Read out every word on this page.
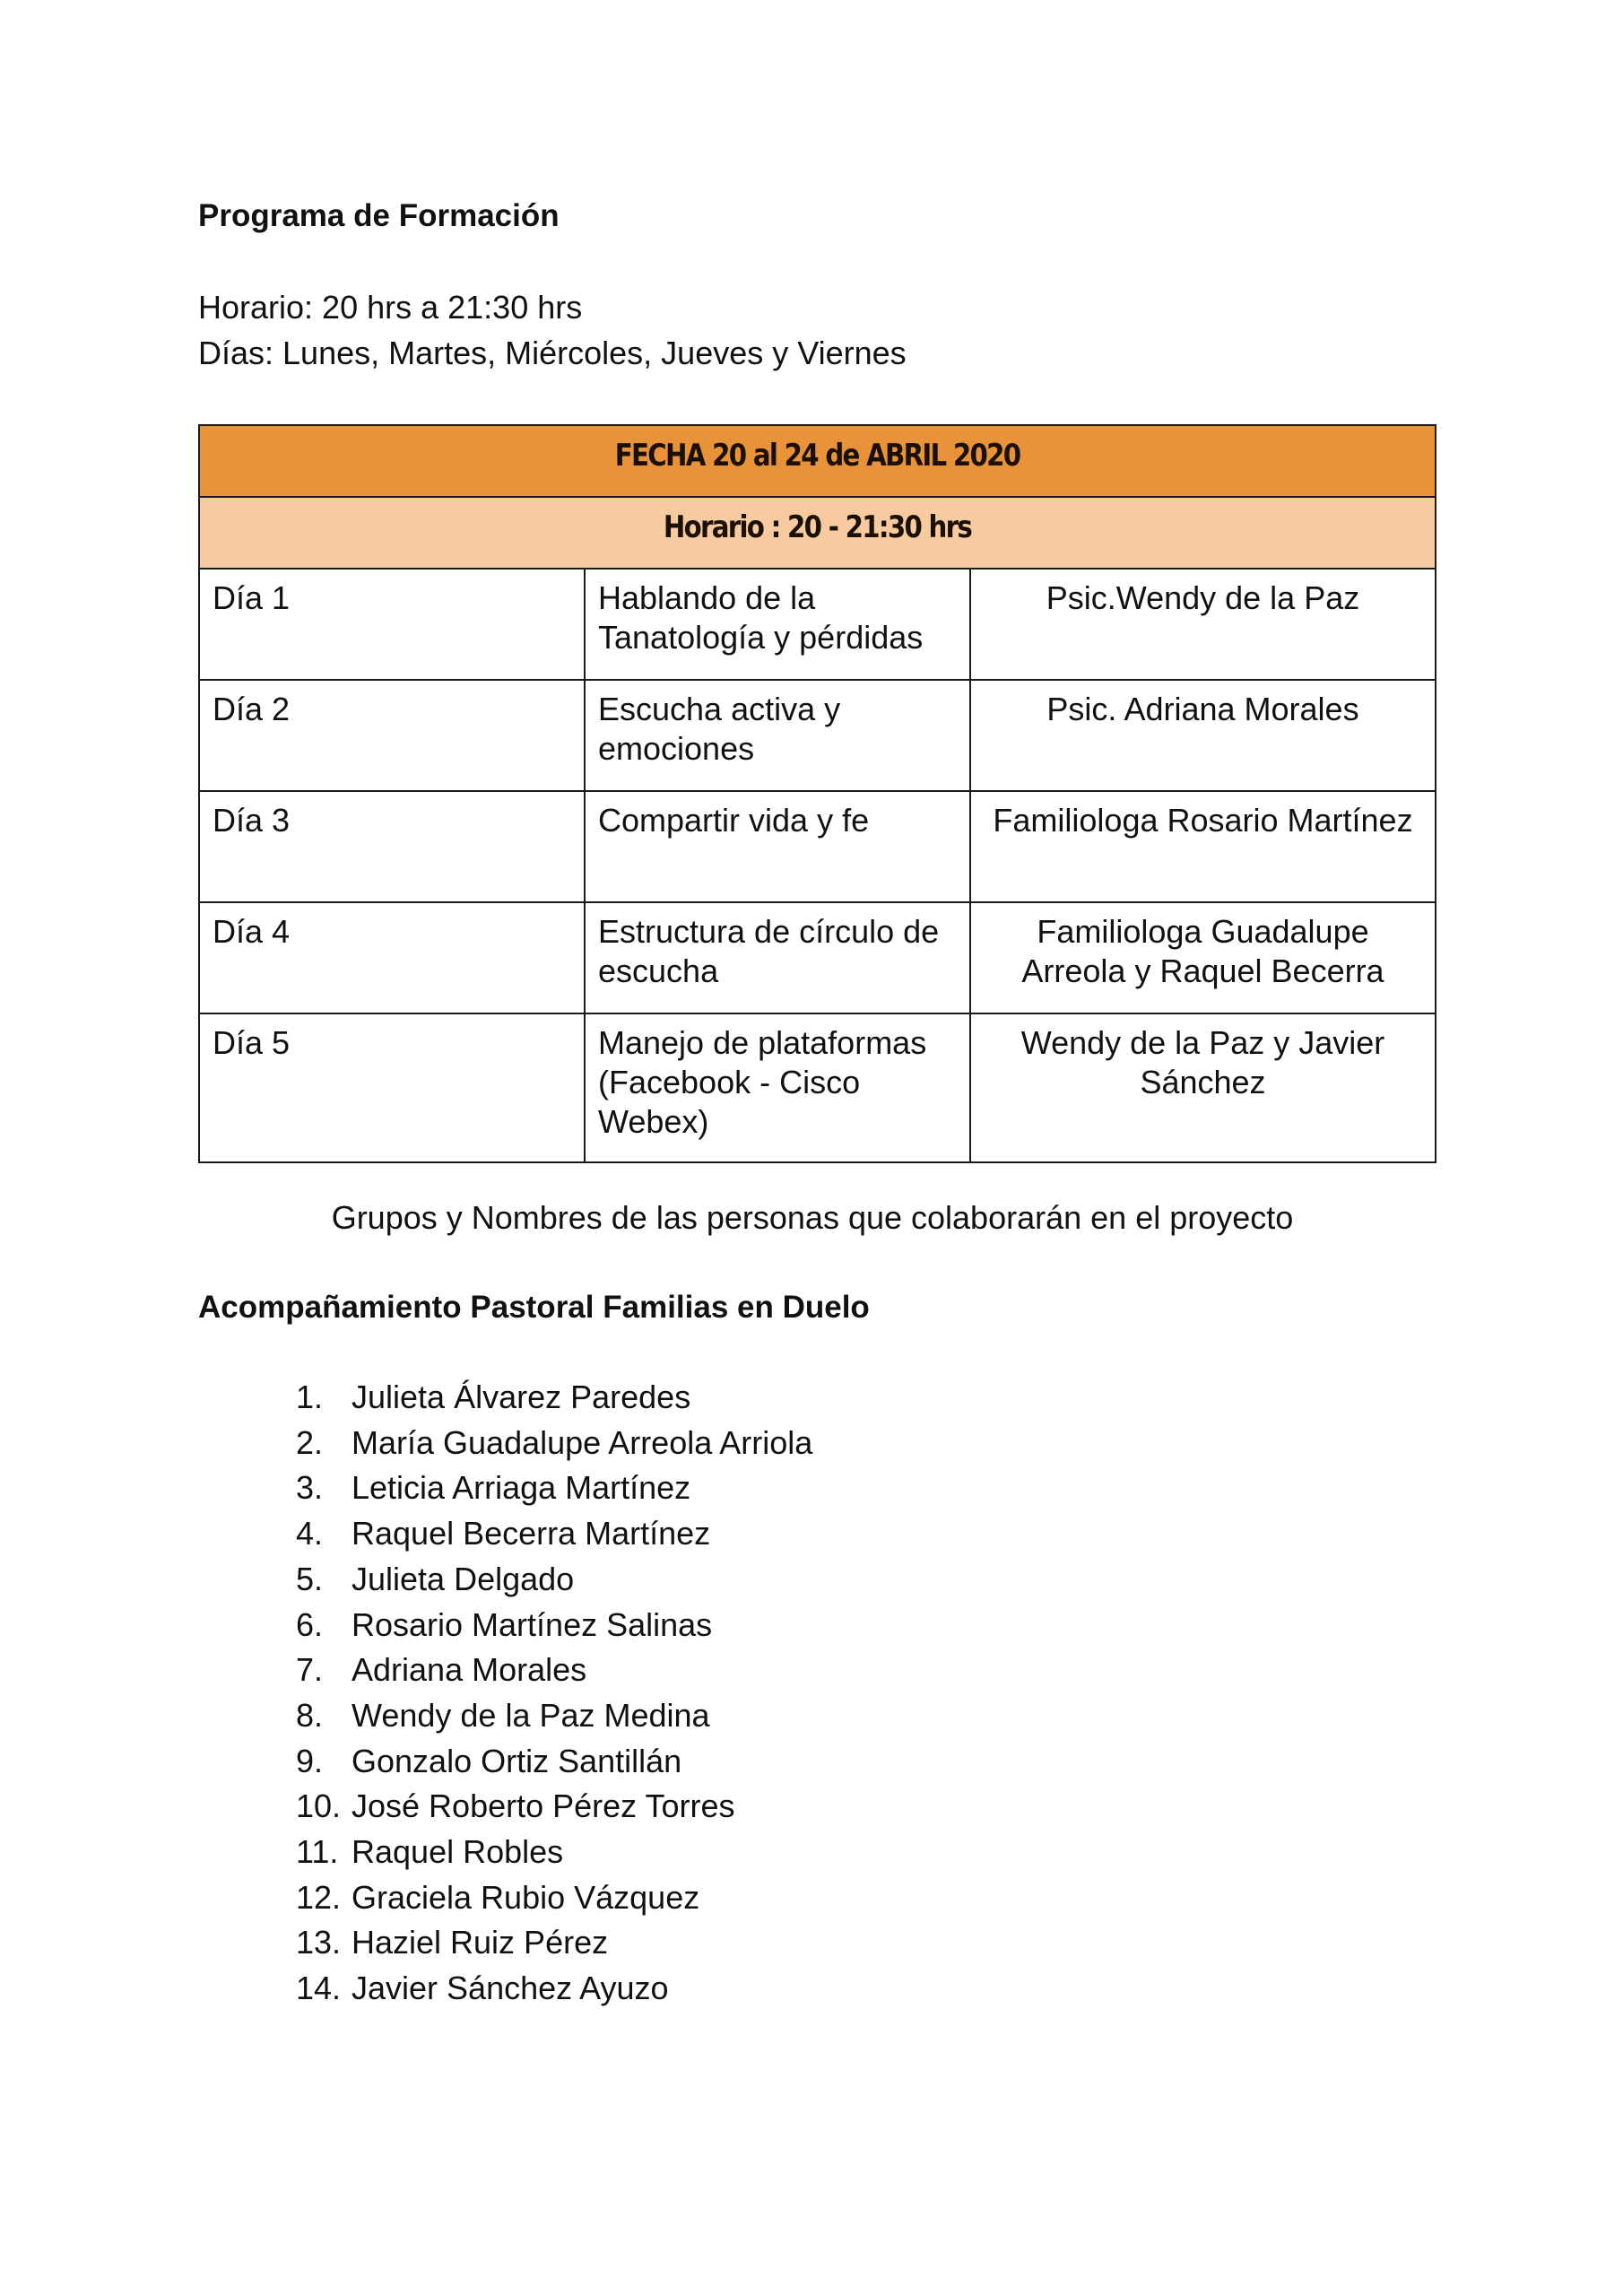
Programa de Formación
Horario: 20 hrs a 21:30 hrs
Días: Lunes, Martes, Miércoles, Jueves y Viernes
FECHA 20 al 24 de ABRIL 2020		
Horario : 20 - 21:30 hrs		
Día 1	Hablando de la Tanatología y pérdidas	Psic.Wendy de la Paz
Día 2	Escucha activa y emociones	Psic. Adriana Morales
Día 3	Compartir vida y fe	Familiologa Rosario Martínez
Día 4	Estructura de círculo de escucha	Familiologa Guadalupe Arreola y Raquel Becerra
Día 5	Manejo de plataformas (Facebook - Cisco Webex)	Wendy de la Paz y Javier Sánchez
Grupos y Nombres de las personas que colaborarán en el proyecto
Acompañamiento Pastoral Familias en Duelo
1. Julieta Álvarez Paredes
2. María Guadalupe Arreola Arriola
3. Leticia Arriaga Martínez
4. Raquel Becerra Martínez
5. Julieta Delgado
6. Rosario Martínez Salinas
7. Adriana Morales
8. Wendy de la Paz Medina
9. Gonzalo Ortiz Santillán
10. José Roberto Pérez Torres
11. Raquel Robles
12. Graciela Rubio Vázquez
13. Haziel Ruiz Pérez
14. Javier Sánchez Ayuzo
